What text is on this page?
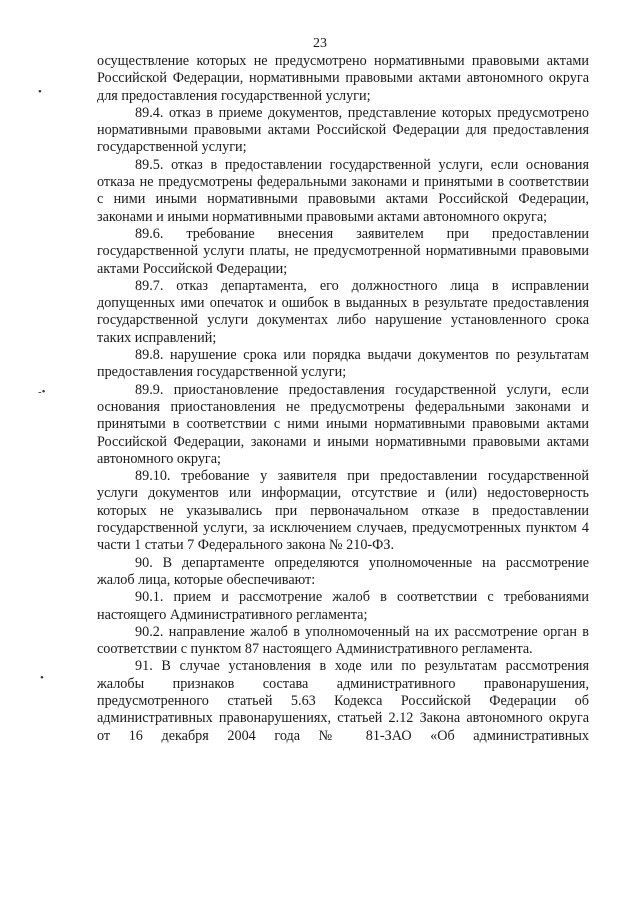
23
•
-•
•

осуществление которых не предусмотрено нормативными правовыми актами Российской Федерации, нормативными правовыми актами автономного округа для предоставления государственной услуги;

89.4. отказ в приеме документов, представление которых предусмотрено нормативными правовыми актами Российской Федерации для предоставления государственной услуги;

89.5. отказ в предоставлении государственной услуги, если основания отказа не предусмотрены федеральными законами и принятыми в соответствии с ними иными нормативными правовыми актами Российской Федерации, законами и иными нормативными правовыми актами автономного округа;

89.6. требование внесения заявителем при предоставлении государственной услуги платы, не предусмотренной нормативными правовыми актами Российской Федерации;

89.7. отказ департамента, его должностного лица в исправлении допущенных ими опечаток и ошибок в выданных в результате предоставления государственной услуги документах либо нарушение установленного срока таких исправлений;

89.8. нарушение срока или порядка выдачи документов по результатам предоставления государственной услуги;

89.9. приостановление предоставления государственной услуги, если основания приостановления не предусмотрены федеральными законами и принятыми в соответствии с ними иными нормативными правовыми актами Российской Федерации, законами и иными нормативными правовыми актами автономного округа;

89.10. требование у заявителя при предоставлении государственной услуги документов или информации, отсутствие и (или) недостоверность которых не указывались при первоначальном отказе в предоставлении государственной услуги, за исключением случаев, предусмотренных пунктом 4 части 1 статьи 7 Федерального закона № 210-ФЗ.

90. В департаменте определяются уполномоченные на рассмотрение жалоб лица, которые обеспечивают:

90.1. прием и рассмотрение жалоб в соответствии с требованиями настоящего Административного регламента;

90.2. направление жалоб в уполномоченный на их рассмотрение орган в соответствии с пунктом 87 настоящего Административного регламента.

91. В случае установления в ходе или по результатам рассмотрения жалобы признаков состава административного правонарушения, предусмотренного статьей 5.63 Кодекса Российской Федерации об административных правонарушениях, статьей 2.12 Закона автономного округа от 16 декабря 2004 года № 81-ЗАО «Об административных
